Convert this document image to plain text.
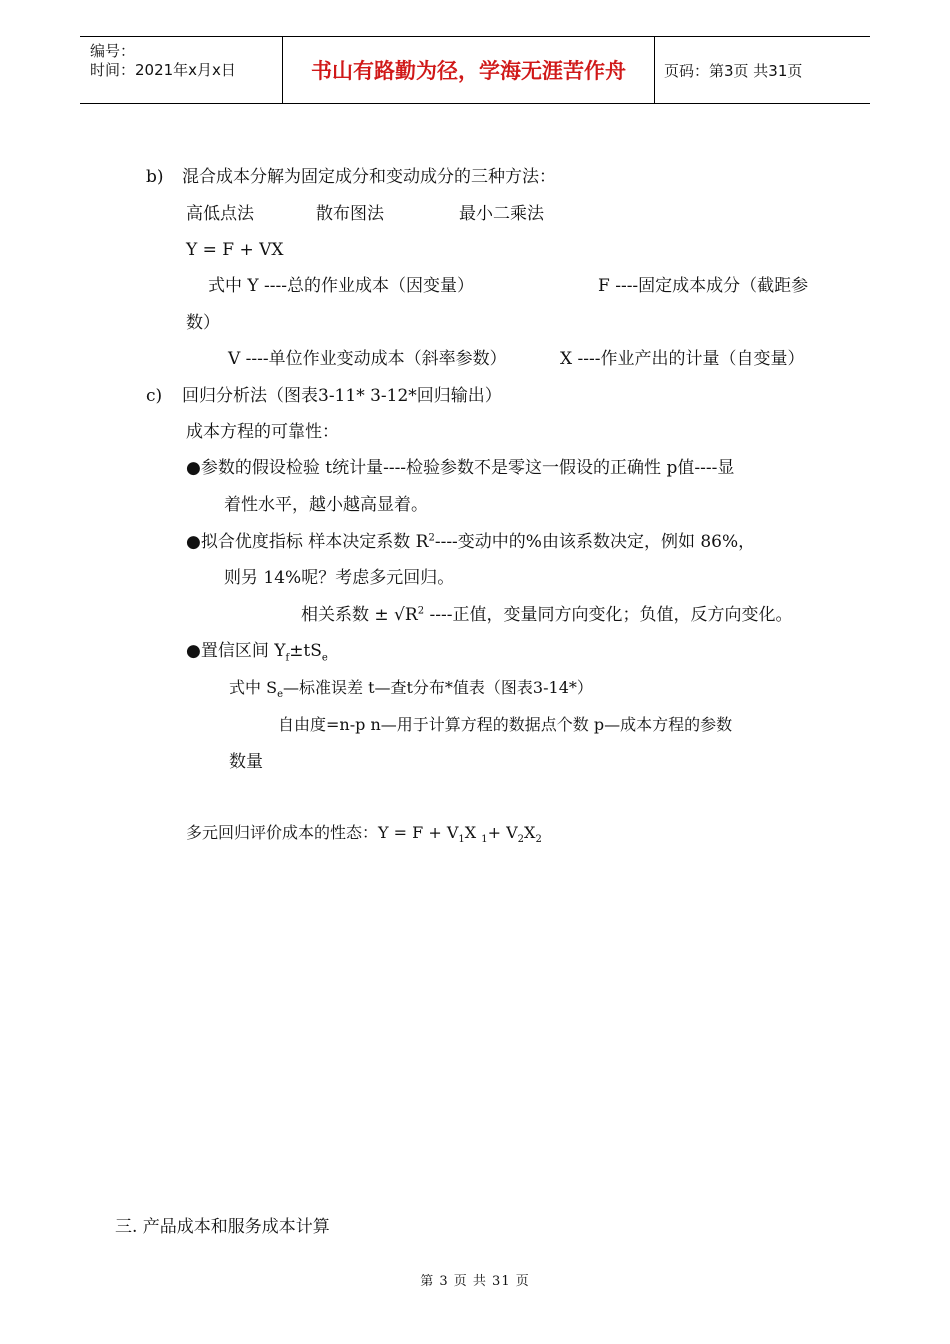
编号：
时间：2021年x月x日	书山有路勤为径，学海无涯苦作舟	页码：第3页 共31页
b) 混合成本分解为固定成分和变动成分的三种方法：
高低点法	散布图法	最小二乘法
Y = F + VX
式中 Y ----总的作业成本（因变量）	F ----固定成本成分（截距参
数）
V ----单位作业变动成本（斜率参数）	X ----作业产出的计量（自变量）
c) 回归分析法（图表3-11* 3-12*回归输出）
成本方程的可靠性：
●参数的假设检验 t统计量----检验参数不是零这一假设的正确性 p值----显
着性水平，越小越高显着。
●拟合优度指标 样本决定系数 $R^2----$变动中的%由该系数决定，例如 86%，
则另 14%呢？考虑多元回归。
相关系数 ± $√R^2$ ----正值，变量同方向变化；负值，反方向变化。
●置信区间 $Y_f\pm tS_e$
式中 $S_e—$标准误差 t—查t分布*值表（图表3-14*）
自由度=n-p n—用于计算方程的数据点个数 p—成本方程的参数
数量
多元回归评价成本的性态：$Y = F + V_1X$ $_1+ V_2X_2$
三. 产品成本和服务成本计算
第 3 页 共 31 页
